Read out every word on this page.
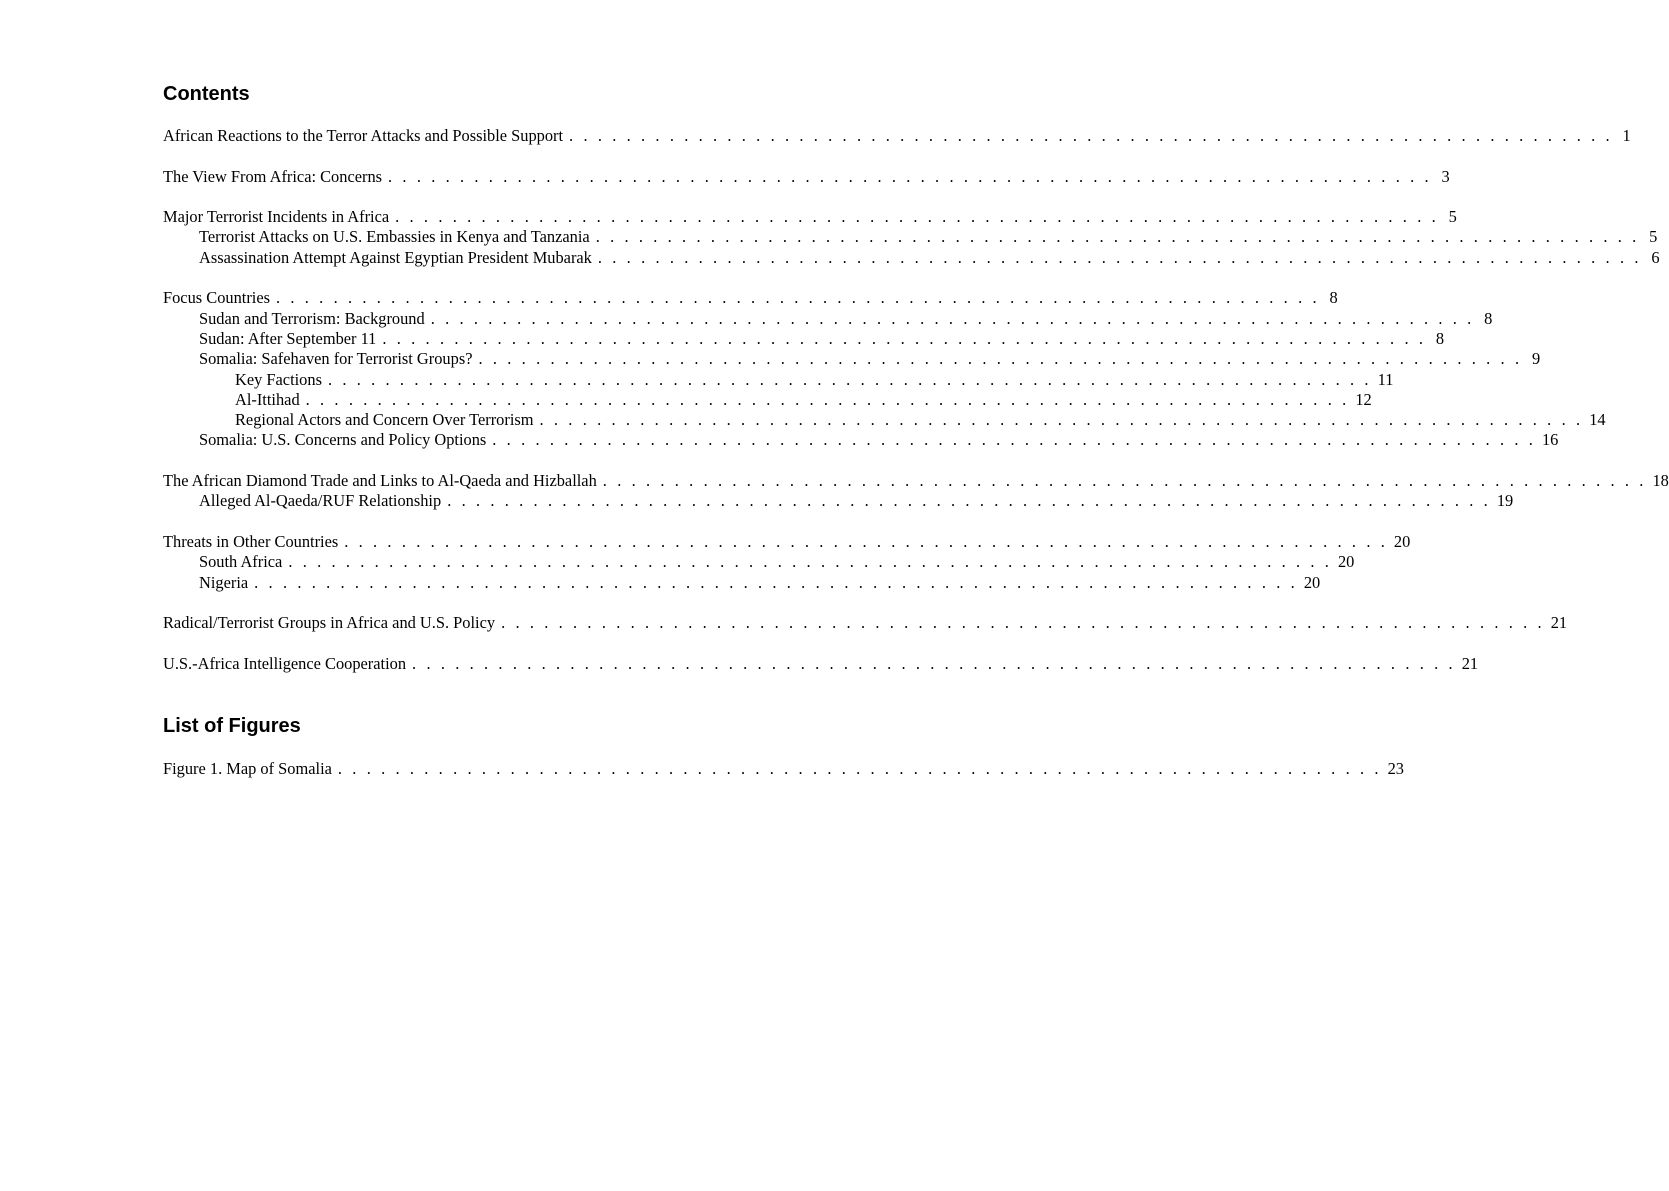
Contents
African Reactions to the Terror Attacks and Possible Support . . . . . . . . . . . . . . . . . . . . . . . . . . . . . . . . . . . . . . . . . . . . . . . . . . . . . . . . . . . . . . . . . . . . . . . . . 1
The View From Africa: Concerns . . . . . . . . . . . . . . . . . . . . . . . . . . . . . . . . . . . . . . . . . . . . . . . . . . . . . . . . . . . . . . . . . . . . . . . . . 3
Major Terrorist Incidents in Africa . . . . . . . . . . . . . . . . . . . . . . . . . . . . . . . . . . . . . . . . . . . . . . . . . . . . . . . . . . . . . . . . . . . . . . . . . 5
Terrorist Attacks on U.S. Embassies in Kenya and Tanzania . . . . . . . . . . . . . . . . . . . . . . . . . . . . . . . . . . . . . . . . . . . . . . . . . . . . . . . . . . . . . . . . . . . . . . . . . 5
Assassination Attempt Against Egyptian President Mubarak . . . . . . . . . . . . . . . . . . . . . . . . . . . . . . . . . . . . . . . . . . . . . . . . . . . . . . . . . . . . . . . . . . . . . . . . . 6
Focus Countries . . . . . . . . . . . . . . . . . . . . . . . . . . . . . . . . . . . . . . . . . . . . . . . . . . . . . . . . . . . . . . . . . . . . . . . . . 8
Sudan and Terrorism: Background . . . . . . . . . . . . . . . . . . . . . . . . . . . . . . . . . . . . . . . . . . . . . . . . . . . . . . . . . . . . . . . . . . . . . . . . . 8
Sudan: After September 11 . . . . . . . . . . . . . . . . . . . . . . . . . . . . . . . . . . . . . . . . . . . . . . . . . . . . . . . . . . . . . . . . . . . . . . . . . 8
Somalia: Safehaven for Terrorist Groups? . . . . . . . . . . . . . . . . . . . . . . . . . . . . . . . . . . . . . . . . . . . . . . . . . . . . . . . . . . . . . . . . . . . . . . . . . 9
Key Factions . . . . . . . . . . . . . . . . . . . . . . . . . . . . . . . . . . . . . . . . . . . . . . . . . . . . . . . . . . . . . . . . . . . . . . . . . 11
Al-Ittihad . . . . . . . . . . . . . . . . . . . . . . . . . . . . . . . . . . . . . . . . . . . . . . . . . . . . . . . . . . . . . . . . . . . . . . . . . 12
Regional Actors and Concern Over Terrorism . . . . . . . . . . . . . . . . . . . . . . . . . . . . . . . . . . . . . . . . . . . . . . . . . . . . . . . . . . . . . . . . . . . . . . . . . 14
Somalia: U.S. Concerns and Policy Options . . . . . . . . . . . . . . . . . . . . . . . . . . . . . . . . . . . . . . . . . . . . . . . . . . . . . . . . . . . . . . . . . . . . . . . . . 16
The African Diamond Trade and Links to Al-Qaeda and Hizballah . . . . . . . . . . . . . . . . . . . . . . . . . . . . . . . . . . . . . . . . . . . . . . . . . . . . . . . . . . . . . . . . . . . . . . . . . 18
Alleged Al-Qaeda/RUF Relationship . . . . . . . . . . . . . . . . . . . . . . . . . . . . . . . . . . . . . . . . . . . . . . . . . . . . . . . . . . . . . . . . . . . . . . . . . 19
Threats in Other Countries . . . . . . . . . . . . . . . . . . . . . . . . . . . . . . . . . . . . . . . . . . . . . . . . . . . . . . . . . . . . . . . . . . . . . . . . . 20
South Africa . . . . . . . . . . . . . . . . . . . . . . . . . . . . . . . . . . . . . . . . . . . . . . . . . . . . . . . . . . . . . . . . . . . . . . . . . 20
Nigeria . . . . . . . . . . . . . . . . . . . . . . . . . . . . . . . . . . . . . . . . . . . . . . . . . . . . . . . . . . . . . . . . . . . . . . . . . 20
Radical/Terrorist Groups in Africa and U.S. Policy . . . . . . . . . . . . . . . . . . . . . . . . . . . . . . . . . . . . . . . . . . . . . . . . . . . . . . . . . . . . . . . . . . . . . . . . . 21
U.S.-Africa Intelligence Cooperation . . . . . . . . . . . . . . . . . . . . . . . . . . . . . . . . . . . . . . . . . . . . . . . . . . . . . . . . . . . . . . . . . . . . . . . . . 21
List of Figures
Figure 1. Map of Somalia . . . . . . . . . . . . . . . . . . . . . . . . . . . . . . . . . . . . . . . . . . . . . . . . . . . . . . . . . . . . . . . . . . . . . . . . . 23
